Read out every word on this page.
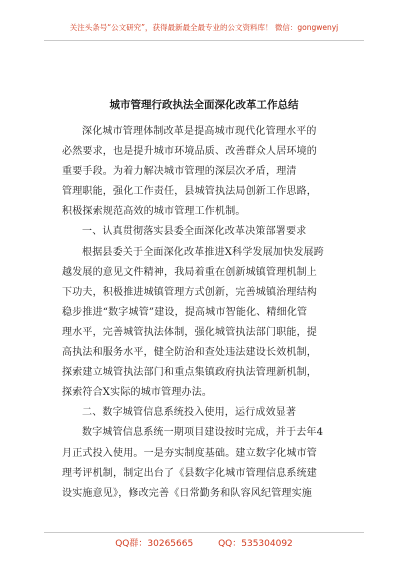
关注头条号“公文研究”，获得最新最全最专业的公文资料库！ 微信：gongwenyj
城市管理行政执法全面深化改革工作总结

深化城市管理体制改革是提高城市现代化管理水平的

必然要求，也是提升城市环境品质、改善群众人居环境的

重要手段。为着力解决城市管理的深层次矛盾，理清

管理职能，强化工作责任，县城管执法局创新工作思路，

积极探索规范高效的城市管理工作机制。

一、认真贯彻落实县委全面深化改革决策部署要求

根据县委关于全面深化改革推进X科学发展加快发展跨

越发展的意见文件精神，我局着重在创新城镇管理机制上

下功夫，积极推进城镇管理方式创新，完善城镇治理结构

稳步推进“数字城管”建设，提高城市智能化、精细化管

理水平，完善城管执法体制，强化城管执法部门职能，提

高执法和服务水平，健全防治和查处违法建设长效机制，

探索建立城管执法部门和重点集镇政府执法管理新机制，

探索符合X实际的城市管理办法。

二、数字城管信息系统投入使用，运行成效显著

数字城管信息系统一期项目建设按时完成，并于去年4

月正式投入使用。一是夯实制度基础。建立数字化城市管

理考评机制，制定出台了《县数字化城市管理信息系统建

设实施意见》，修改完善《日常勤务和队容风纪管理实施

QQ群：30265665	QQ：535304092
